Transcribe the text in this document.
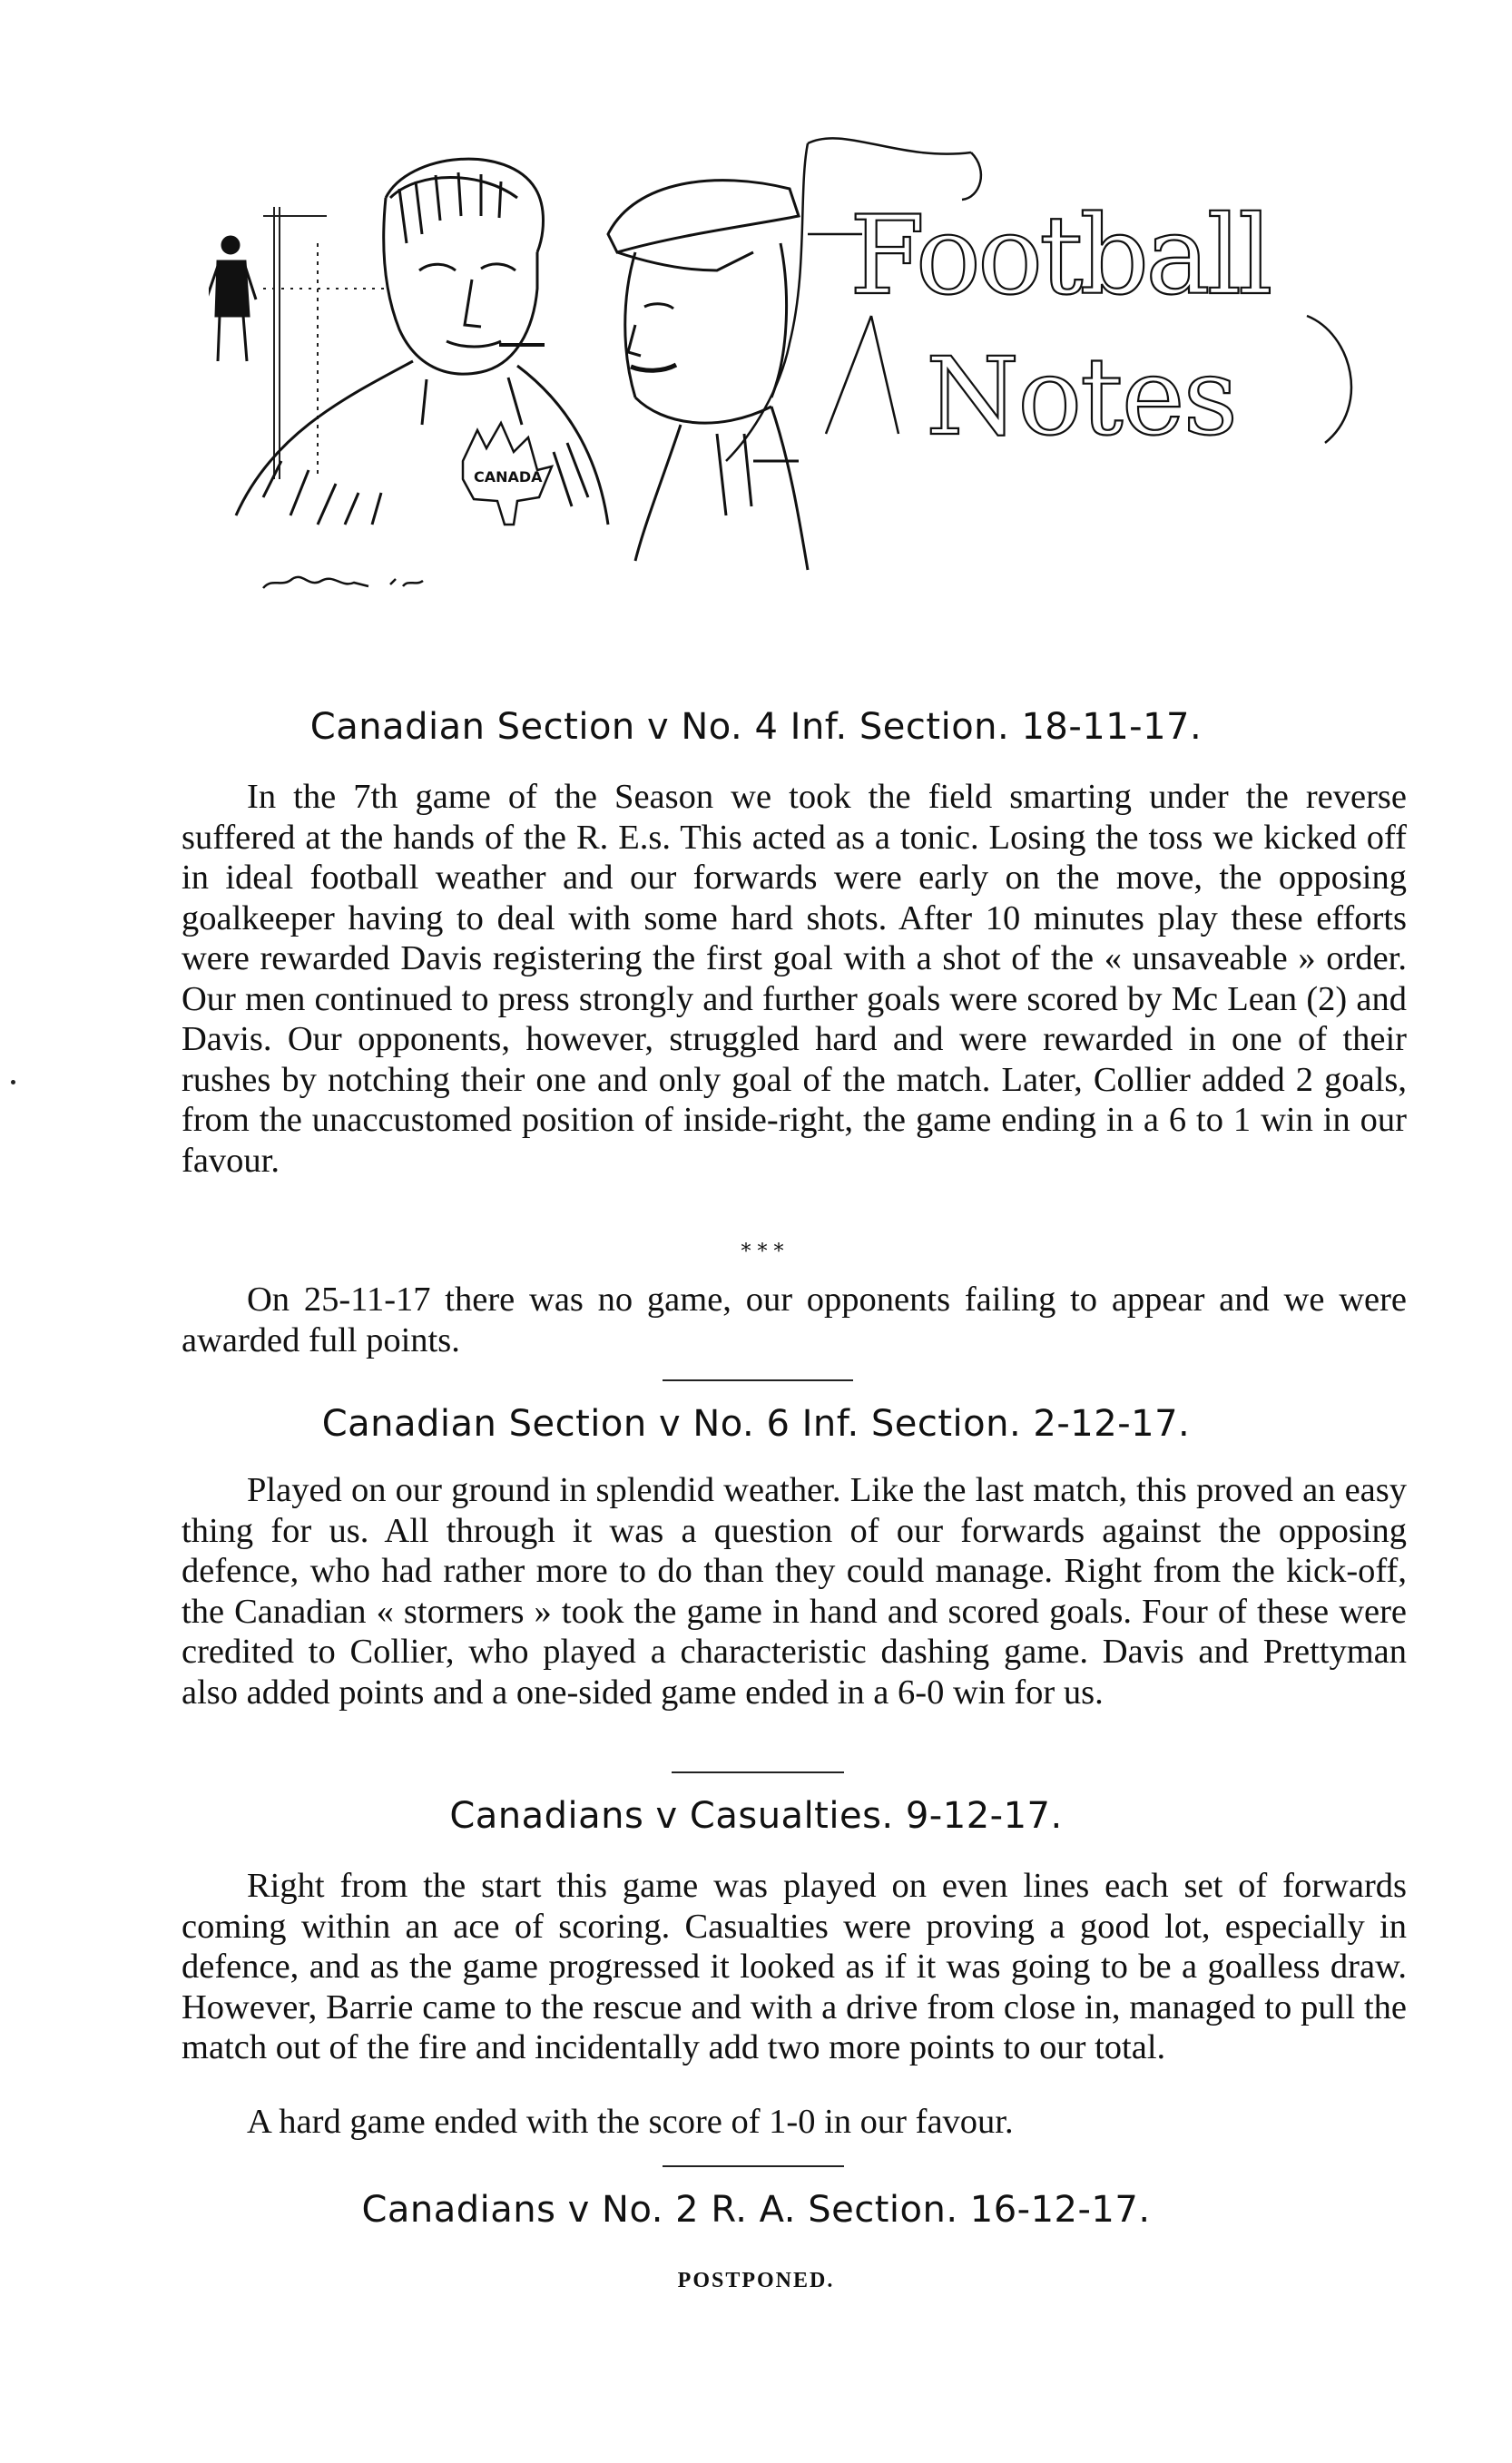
CANADA
Football
Notes
Canadian Section v No. 4 Inf. Section. 18-11-17.
In the 7th game of the Season we took the field smarting under the reverse suffered at the hands of the R. E.s. This acted as a tonic. Losing the toss we kicked off in ideal football weather and our forwards were early on the move, the opposing goalkeeper having to deal with some hard shots. After 10 minutes play these efforts were rewarded Davis registering the first goal with a shot of the « unsaveable » order. Our men continued to press strongly and further goals were scored by Mc Lean (2) and Davis. Our opponents, however, struggled hard and were rewarded in one of their rushes by notching their one and only goal of the match. Later, Collier added 2 goals, from the unaccustomed position of inside-right, the game ending in a 6 to 1 win in our favour.
* * *
On 25-11-17 there was no game, our opponents failing to appear and we were awarded full points.
Canadian Section v No. 6 Inf. Section. 2-12-17.
Played on our ground in splendid weather. Like the last match, this proved an easy thing for us. All through it was a question of our forwards against the opposing defence, who had rather more to do than they could manage. Right from the kick-off, the Canadian « stormers » took the game in hand and scored goals. Four of these were credited to Collier, who played a characteristic dashing game. Davis and Prettyman also added points and a one-sided game ended in a 6-0 win for us.
Canadians v Casualties. 9-12-17.
Right from the start this game was played on even lines each set of forwards coming within an ace of scoring. Casualties were proving a good lot, especially in defence, and as the game progressed it looked as if it was going to be a goalless draw. However, Barrie came to the rescue and with a drive from close in, managed to pull the match out of the fire and incidentally add two more points to our total.
A hard game ended with the score of 1-0 in our favour.
Canadians v No. 2 R. A. Section. 16-12-17.
POSTPONED.
